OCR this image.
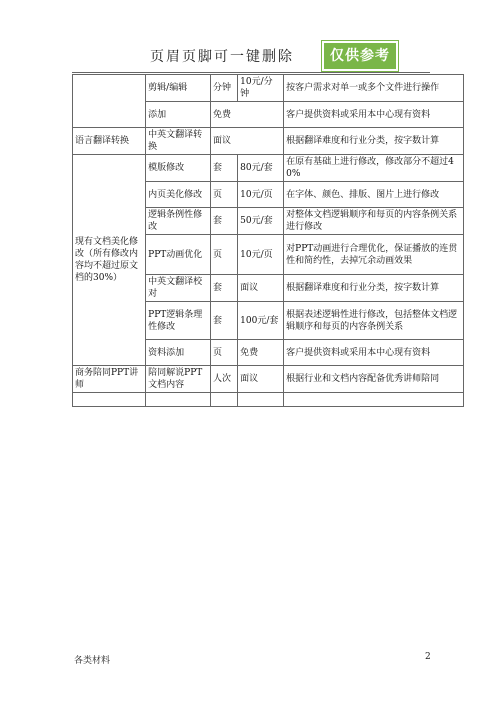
页眉页脚可一键删除	仅供参考
	剪辑/编辑	分钟	10元/分钟	按客户需求对单一或多个文件进行操作
	添加	免费		客户提供资料或采用本中心现有资料
语言翻译转换	中英文翻译转换	面议		根据翻译难度和行业分类，按字数计算
现有文档美化修改（所有修改内容均不超过原文档的30%）	模版修改	套	80元/套	在原有基础上进行修改，修改部分不超过40%
	内页美化修改	页	10元/页	在字体、颜色、排版、图片上进行修改
	逻辑条例性修改	套	50元/套	对整体文档逻辑顺序和每页的内容条例关系进行修改
	PPT动画优化	页	10元/页	对PPT动画进行合理优化，保证播放的连贯性和简约性，去掉冗余动画效果
	中英文翻译校对	套	面议	根据翻译难度和行业分类，按字数计算
	PPT逻辑条理性修改	套	100元/套	根据表述逻辑性进行修改，包括整体文档逻辑顺序和每页的内容条例关系
	资料添加	页	免费	客户提供资料或采用本中心现有资料
商务陪同PPT讲师	陪同解说PPT文档内容	人次	面议	根据行业和文档内容配备优秀讲师陪同

各类材料	2
